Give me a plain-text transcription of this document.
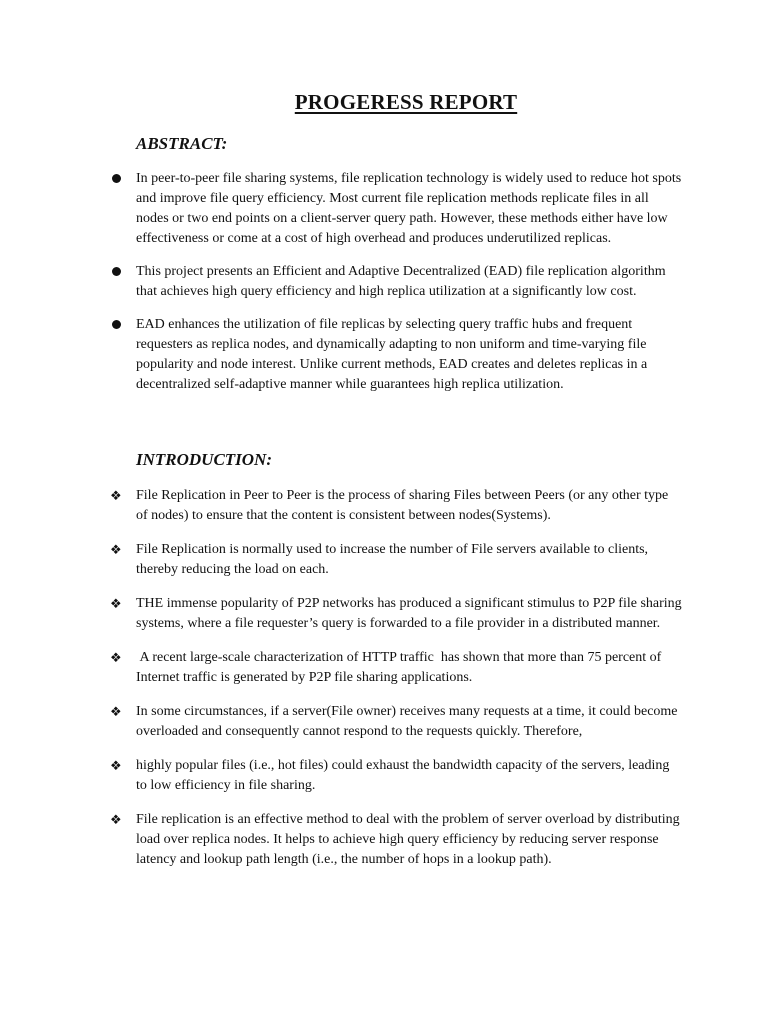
PROGERESS REPORT
ABSTRACT:
In peer-to-peer file sharing systems, file replication technology is widely used to reduce hot spots and improve file query efficiency. Most current file replication methods replicate files in all nodes or two end points on a client-server query path. However, these methods either have low effectiveness or come at a cost of high overhead and produces underutilized replicas.
This project presents an Efficient and Adaptive Decentralized (EAD) file replication algorithm that achieves high query efficiency and high replica utilization at a significantly low cost.
EAD enhances the utilization of file replicas by selecting query traffic hubs and frequent requesters as replica nodes, and dynamically adapting to non uniform and time-varying file popularity and node interest. Unlike current methods, EAD creates and deletes replicas in a decentralized self-adaptive manner while guarantees high replica utilization.
INTRODUCTION:
❖ File Replication in Peer to Peer is the process of sharing Files between Peers (or any other type of nodes) to ensure that the content is consistent between nodes(Systems).
❖ File Replication is normally used to increase the number of File servers available to clients, thereby reducing the load on each.
❖ THE immense popularity of P2P networks has produced a significant stimulus to P2P file sharing systems, where a file requester’s query is forwarded to a file provider in a distributed manner.
❖ A recent large-scale characterization of HTTP traffic  has shown that more than 75 percent of Internet traffic is generated by P2P file sharing applications.
❖ In some circumstances, if a server(File owner) receives many requests at a time, it could become overloaded and consequently cannot respond to the requests quickly. Therefore,
❖ highly popular files (i.e., hot files) could exhaust the bandwidth capacity of the servers, leading to low efficiency in file sharing.
❖ File replication is an effective method to deal with the problem of server overload by distributing load over replica nodes. It helps to achieve high query efficiency by reducing server response latency and lookup path length (i.e., the number of hops in a lookup path).
